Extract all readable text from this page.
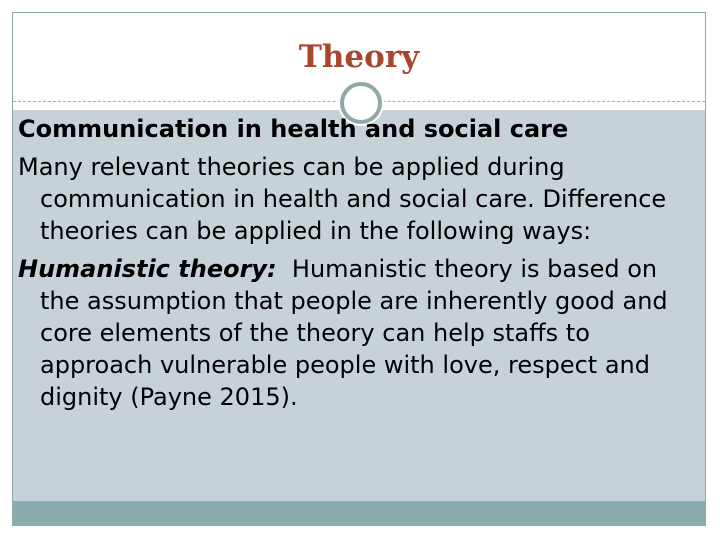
Theory

Communication in health and social care

Many relevant theories can be applied during communication in health and social care. Difference theories can be applied in the following ways:

Humanistic theory: Humanistic theory is based on the assumption that people are inherently good and core elements of the theory can help staffs to approach vulnerable people with love, respect and dignity (Payne 2015).
